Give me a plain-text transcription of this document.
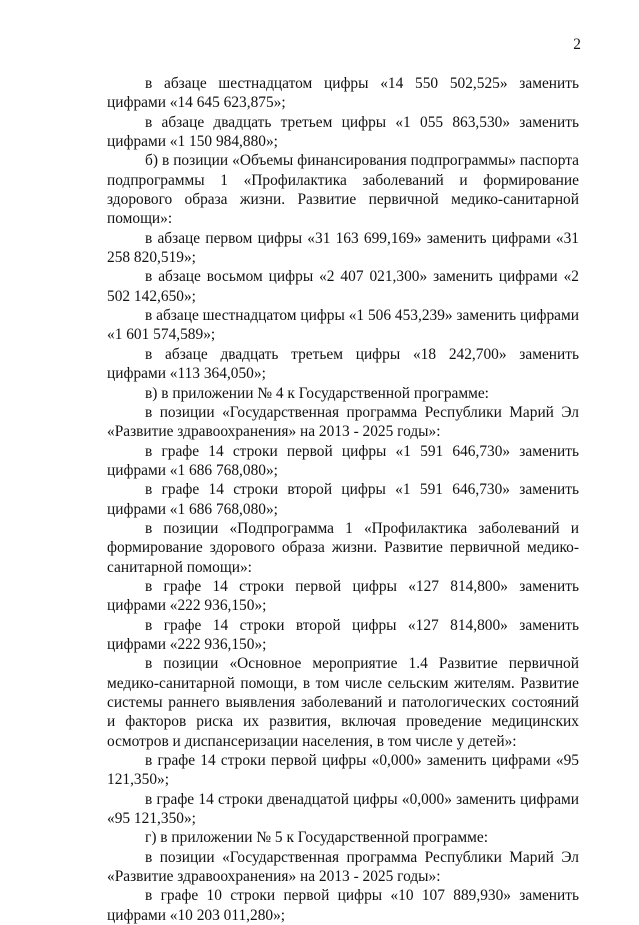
2

в абзаце шестнадцатом цифры «14 550 502,525» заменить цифрами «14 645 623,875»;

в абзаце двадцать третьем цифры «1 055 863,530» заменить цифрами «1 150 984,880»;

б) в позиции «Объемы финансирования подпрограммы» паспорта подпрограммы 1 «Профилактика заболеваний и формирование здорового образа жизни. Развитие первичной медико-санитарной помощи»:

в абзаце первом цифры «31 163 699,169» заменить цифрами «31 258 820,519»;

в абзаце восьмом цифры «2 407 021,300» заменить цифрами «2 502 142,650»;

в абзаце шестнадцатом цифры «1 506 453,239» заменить цифрами «1 601 574,589»;

в абзаце двадцать третьем цифры «18 242,700» заменить цифрами «113 364,050»;

в) в приложении № 4 к Государственной программе:

в позиции «Государственная программа Республики Марий Эл «Развитие здравоохранения» на 2013 - 2025 годы»:

в графе 14 строки первой цифры «1 591 646,730» заменить цифрами «1 686 768,080»;

в графе 14 строки второй цифры «1 591 646,730» заменить цифрами «1 686 768,080»;

в позиции «Подпрограмма 1 «Профилактика заболеваний и формирование здорового образа жизни. Развитие первичной медико-санитарной помощи»:

в графе 14 строки первой цифры «127 814,800» заменить цифрами «222 936,150»;

в графе 14 строки второй цифры «127 814,800» заменить цифрами «222 936,150»;

в позиции «Основное мероприятие 1.4 Развитие первичной медико-санитарной помощи, в том числе сельским жителям. Развитие системы раннего выявления заболеваний и патологических состояний и факторов риска их развития, включая проведение медицинских осмотров и диспансеризации населения, в том числе у детей»:

в графе 14 строки первой цифры «0,000» заменить цифрами «95 121,350»;

в графе 14 строки двенадцатой цифры «0,000» заменить цифрами «95 121,350»;

г) в приложении № 5 к Государственной программе:

в позиции «Государственная программа Республики Марий Эл «Развитие здравоохранения» на 2013 - 2025 годы»:

в графе 10 строки первой цифры «10 107 889,930» заменить цифрами «10 203 011,280»;
